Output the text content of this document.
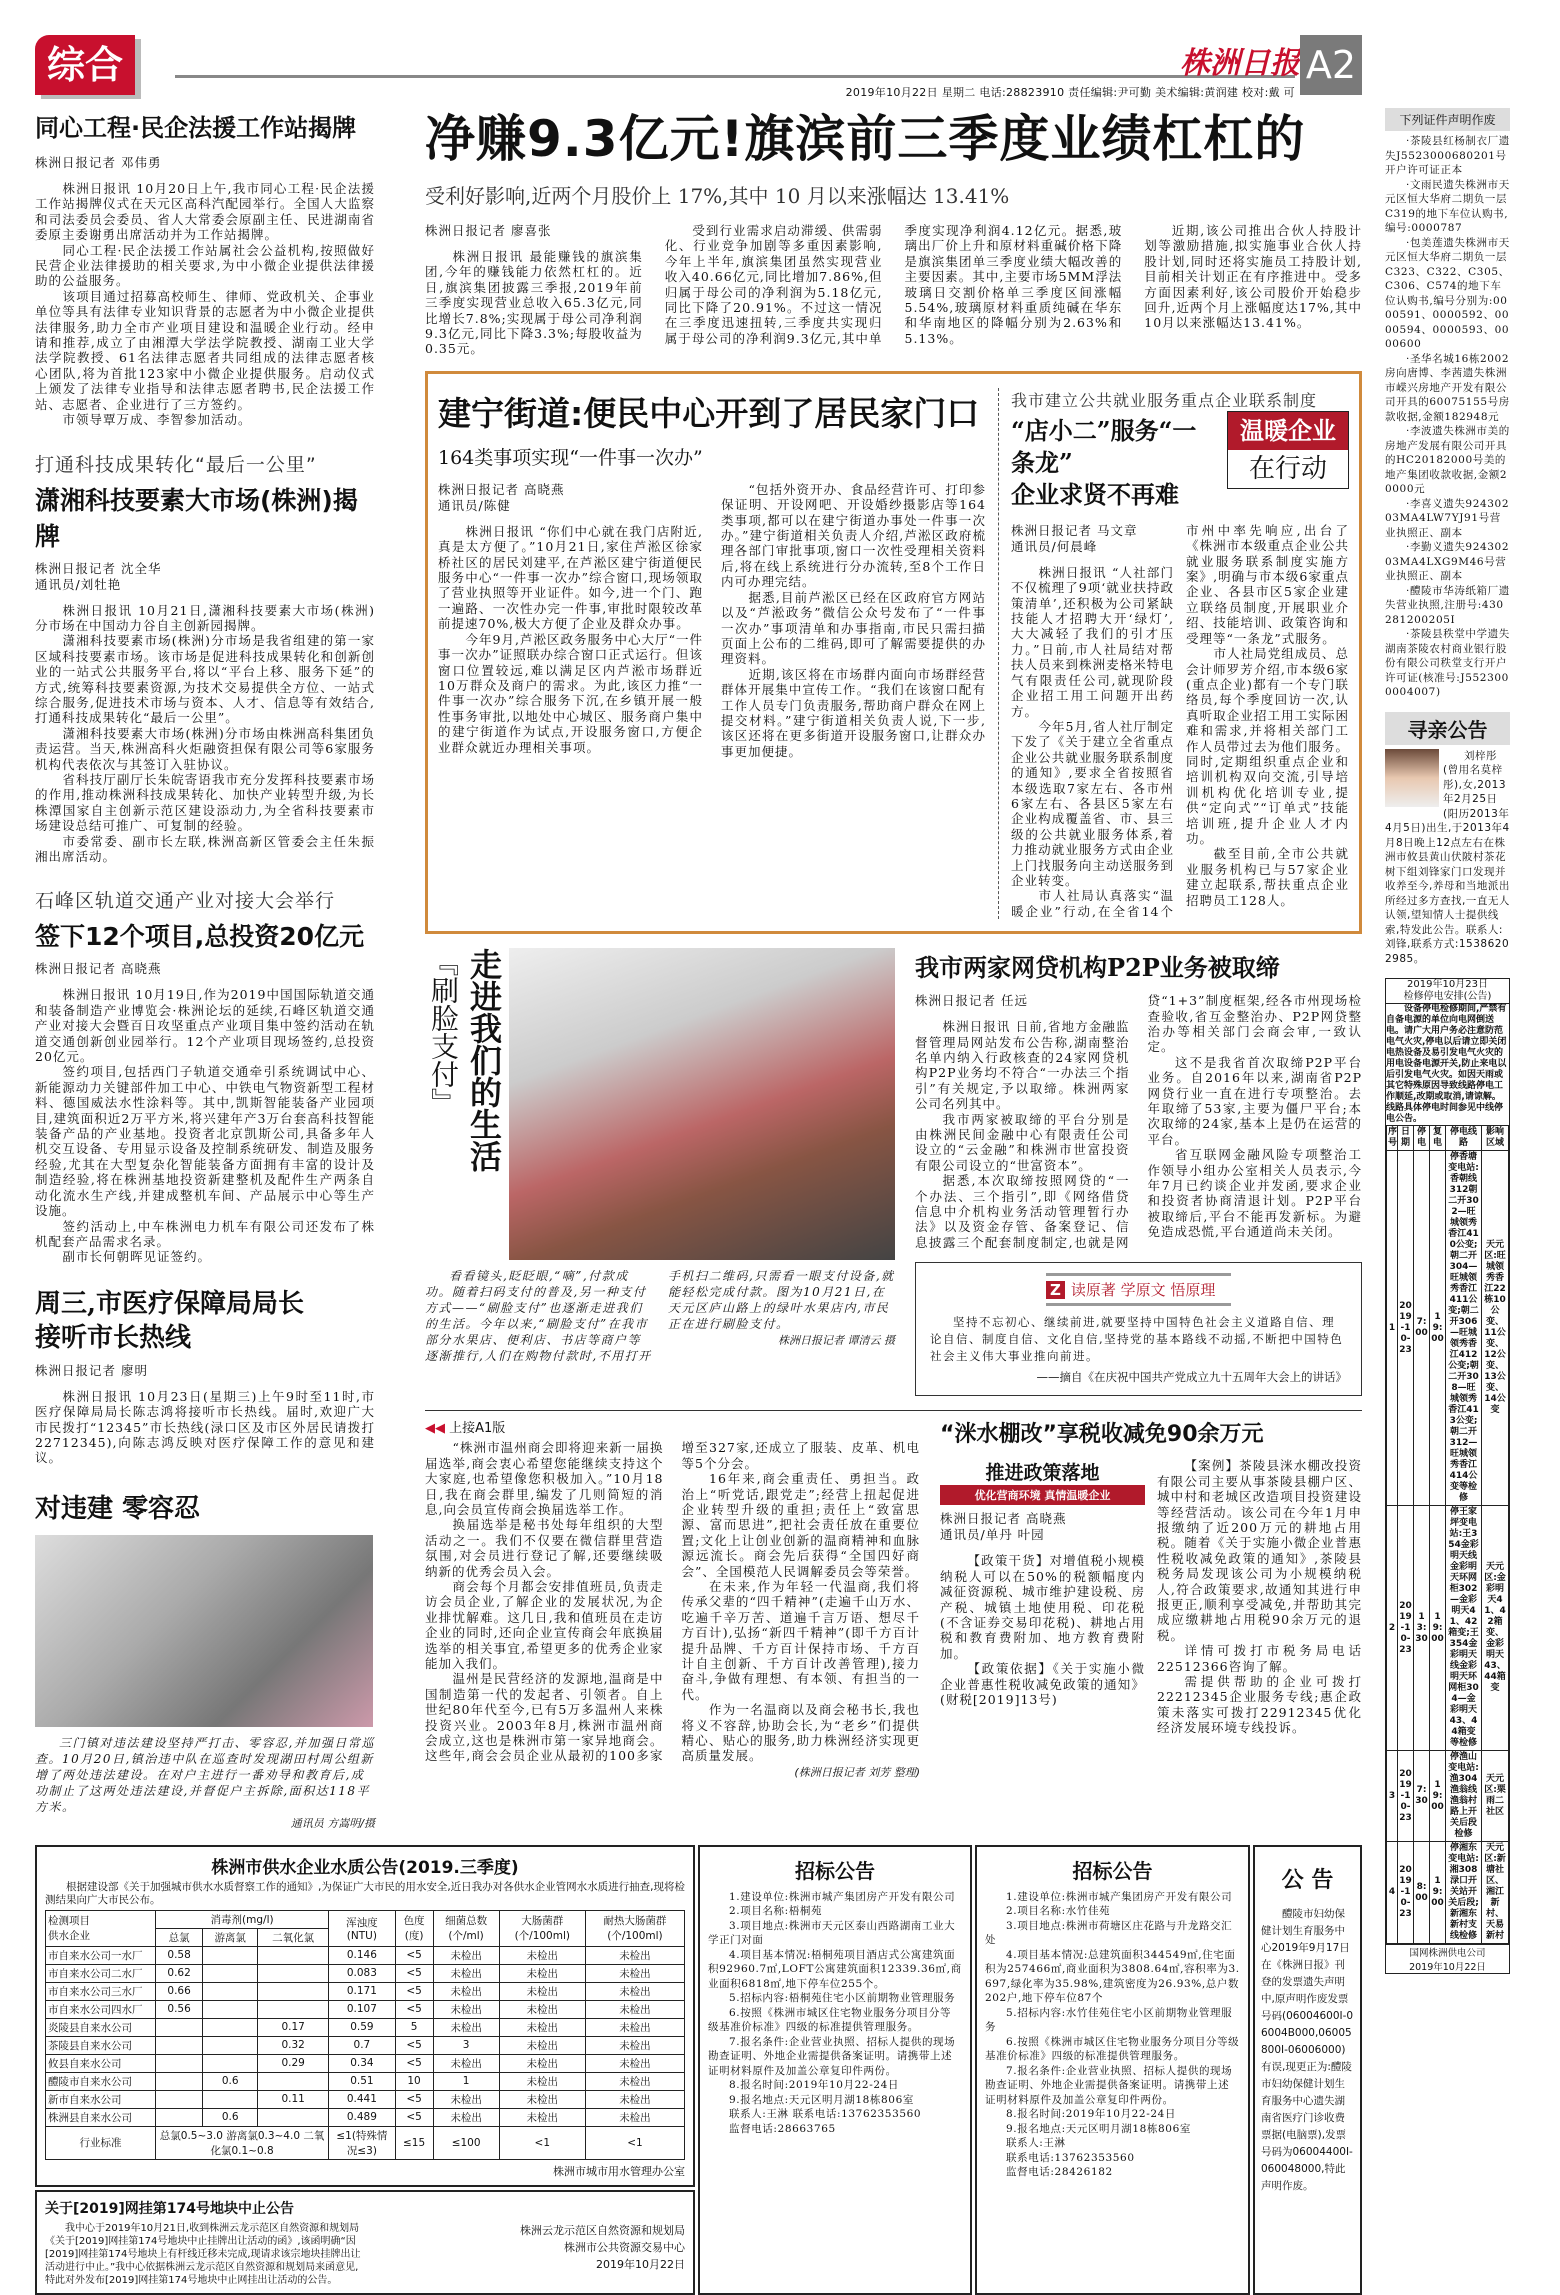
综合	株洲日报 A2
2019年10月22日 星期二 电话:28823910 责任编辑:尹可勤 美术编辑:黄润建 校对:戴 可
同心工程·民企法援工作站揭牌
株洲日报记者 邓伟勇

株洲日报讯 10月20日上午,我市同心工程·民企法援工作站揭牌仪式在天元区高科汽配园举行。全国人大监察和司法委员会委员、省人大常委会原副主任、民进湖南省委原主委谢勇出席活动并为工作站揭牌。

同心工程·民企法援工作站属社会公益机构,按照做好民营企业法律援助的相关要求,为中小微企业提供法律援助的公益服务。

该项目通过招募高校师生、律师、党政机关、企事业单位等具有法律专业知识背景的志愿者为中小微企业提供法律服务,助力全市产业项目建设和温暖企业行动。经申请和推荐,成立了由湘潭大学法学院教授、湖南工业大学法学院教授、61名法律志愿者共同组成的法律志愿者核心团队,将为首批123家中小微企业提供服务。启动仪式上颁发了法律专业指导和法律志愿者聘书,民企法援工作站、志愿者、企业进行了三方签约。

市领导覃万成、李智参加活动。

打通科技成果转化“最后一公里”
潇湘科技要素大市场(株洲)揭牌
株洲日报记者 沈全华
通讯员/刘牡艳

株洲日报讯 10月21日,潇湘科技要素大市场(株洲)分市场在中国动力谷自主创新园揭牌。

潇湘科技要素市场(株洲)分市场是我省组建的第一家区域科技要素市场。该市场是促进科技成果转化和创新创业的一站式公共服务平台,将以“平台上移、服务下延”的方式,统筹科技要素资源,为技术交易提供全方位、一站式综合服务,促进技术市场与资本、人才、信息等有效结合,打通科技成果转化“最后一公里”。

潇湘科技要素大市场(株洲)分市场由株洲高科集团负责运营。当天,株洲高科火炬融资担保有限公司等6家服务机构代表依次与其签订入驻协议。

省科技厅副厅长朱皖寄语我市充分发挥科技要素市场的作用,推动株洲科技成果转化、加快产业转型升级,为长株潭国家自主创新示范区建设添动力,为全省科技要素市场建设总结可推广、可复制的经验。

市委常委、副市长左联,株洲高新区管委会主任朱振湘出席活动。

石峰区轨道交通产业对接大会举行
签下12个项目,总投资20亿元
株洲日报记者 高晓燕

株洲日报讯 10月19日,作为2019中国国际轨道交通和装备制造产业博览会·株洲论坛的延续,石峰区轨道交通产业对接大会暨百日攻坚重点产业项目集中签约活动在轨道交通创新创业园举行。12个产业项目现场签约,总投资20亿元。

签约项目,包括西门子轨道交通牵引系统调试中心、新能源动力关键部件加工中心、中铁电气物资新型工程材料、德国威法水性涂料等。其中,凯斯智能装备产业园项目,建筑面积近2万平方米,将兴建年产3万台套高科技智能装备产品的产业基地。投资者北京凯斯公司,具备多年人机交互设备、专用显示设备及控制系统研发、制造及服务经验,尤其在大型复杂化智能装备方面拥有丰富的设计及制造经验,将在株洲基地投资新建整机及配件生产两条自动化流水生产线,并建成整机车间、产品展示中心等生产设施。

签约活动上,中车株洲电力机车有限公司还发布了株机配套产品需求名录。

副市长何朝晖见证签约。

周三,市医疗保障局局长
接听市长热线
株洲日报记者 廖明

株洲日报讯 10月23日(星期三)上午9时至11时,市医疗保障局局长陈志鸿将接听市长热线。届时,欢迎广大市民拨打“12345”市长热线(渌口区及市区外居民请拨打22712345),向陈志鸿反映对医疗保障工作的意见和建议。

对违建 零容忍

三门镇对违法建设坚持严打击、零容忍,并加强日常巡查。10月20日,镇治违中队在巡查时发现湖田村周公组新增了两处违法建设。在对户主进行一番劝导和教育后,成功制止了这两处违法建设,并督促户主拆除,面积达118平方米。

通讯员 方嵩明/摄
净赚9.3亿元!旗滨前三季度业绩杠杠的
受利好影响,近两个月股价上 17%,其中 10 月以来涨幅达 13.41%
株洲日报记者 廖喜张

株洲日报讯 最能赚钱的旗滨集团,今年的赚钱能力依然杠杠的。近日,旗滨集团披露三季报,2019年前三季度实现营业总收入65.3亿元,同比增长7.8%;实现属于母公司净利润9.3亿元,同比下降3.3%;每股收益为0.35元。

受到行业需求启动滞缓、供需弱化、行业竞争加剧等多重因素影响,今年上半年,旗滨集团虽然实现营业收入40.66亿元,同比增加7.86%,但归属于母公司的净利润为5.18亿元,同比下降了20.91%。不过这一情况在三季度迅速扭转,三季度共实现归属于母公司的净利润9.3亿元,其中单季度实现净利润4.12亿元。据悉,玻璃出厂价上升和原材料重碱价格下降是旗滨集团单三季度业绩大幅改善的主要因素。其中,主要市场5MM浮法玻璃日交割价格单三季度区间涨幅5.54%,玻璃原材料重质纯碱在华东和华南地区的降幅分别为2.63%和5.13%。

近期,该公司推出合伙人持股计划等激励措施,拟实施事业合伙人持股计划,同时还将实施员工持股计划,目前相关计划正在有序推进中。受多方面因素利好,该公司股价开始稳步回升,近两个月上涨幅度达17%,其中10月以来涨幅达13.41%。

建宁街道:便民中心开到了居民家门口
164类事项实现“一件事一次办”
株洲日报记者 高晓燕
通讯员/陈健

株洲日报讯 “你们中心就在我门店附近,真是太方便了。”10月21日,家住芦淞区徐家桥社区的居民刘建平,在芦淞区建宁街道便民服务中心“一件事一次办”综合窗口,现场领取了营业执照等开业证件。如今,进一个门、跑一遍路、一次性办完一件事,审批时限较改革前提速70%,极大方便了企业及群众办事。

今年9月,芦淞区政务服务中心大厅“一件事一次办”证照联办综合窗口正式运行。但该窗口位置较远,难以满足区内芦淞市场群近10万群众及商户的需求。为此,该区力推“一件事一次办”综合服务下沉,在乡镇开展一般性事务审批,以地处中心城区、服务商户集中的建宁街道作为试点,开设服务窗口,方便企业群众就近办理相关事项。

“包括外资开办、食品经营许可、打印参保证明、开设网吧、开设婚纱摄影店等164类事项,都可以在建宁街道办事处一件事一次办。”建宁街道相关负责人介绍,芦淞区政府梳理各部门审批事项,窗口一次性受理相关资料后,将在线上系统进行分办流转,至8个工作日内可办理完结。

据悉,目前芦淞区已经在区政府官方网站以及“芦淞政务”微信公众号发布了“一件事一次办”事项清单和办事指南,市民只需扫描页面上公布的二维码,即可了解需要提供的办理资料。

近期,该区将在市场群内面向市场群经营群体开展集中宣传工作。“我们在该窗口配有工作人员专门负责服务,帮助商户群众在网上提交材料。”建宁街道相关负责人说,下一步,该区还将在更多街道开设服务窗口,让群众办事更加便捷。

我市建立公共就业服务重点企业联系制度
温暖企业
在行动
“店小二”服务“一条龙”
企业求贤不再难
株洲日报记者 马文章
通讯员/何晨峰

株洲日报讯 “人社部门不仅梳理了9项‘就业扶持政策清单’,还积极为公司紧缺技能人才招聘大开‘绿灯’,大大减轻了我们的引才压力。”日前,市人社局结对帮扶人员来到株洲麦格米特电气有限责任公司,就现阶段企业招工用工问题开出药方。

今年5月,省人社厅制定下发了《关于建立全省重点企业公共就业服务联系制度的通知》,要求全省按照省本级选取7家左右、各市州6家左右、各县区5家左右企业构成覆盖省、市、县三级的公共就业服务体系,着力推动就业服务方式由企业上门找服务向主动送服务到企业转变。

市人社局认真落实“温暖企业”行动,在全省14个市州中率先响应,出台了《株洲市本级重点企业公共就业服务联系制度实施方案》,明确与市本级6家重点企业、各县市区5家企业建立联络员制度,开展职业介绍、技能培训、政策咨询和受理等“一条龙”式服务。

市人社局党组成员、总会计师罗芳介绍,市本级6家(重点企业)都有一个专门联络员,每个季度回访一次,认真听取企业招工用工实际困难和需求,并将相关部门工作人员带过去为他们服务。同时,定期组织重点企业和培训机构双向交流,引导培训机构优化培训专业,提供“定向式”“订单式”技能培训班,提升企业人才内功。

截至目前,全市公共就业服务机构已与57家企业建立起联系,帮扶重点企业招聘员工128人。

『刷脸支付』 走进我们的生活

看看镜头,眨眨眼,“嘀”,付款成功。随着扫码支付的普及,另一种支付方式——“刷脸支付”也逐渐走进我们的生活。今年以来,“刷脸支付”在我市部分水果店、便利店、书店等商户等逐渐推行,人们在购物付款时,不用打开手机扫二维码,只需看一眼支付设备,就能轻松完成付款。图为10月21日,在天元区庐山路上的绿叶水果店内,市民正在进行刷脸支付。

株洲日报记者 谭清云 摄
我市两家网贷机构P2P业务被取缔
株洲日报记者 任远

株洲日报讯 日前,省地方金融监督管理局网站发布公告称,湖南整治名单内纳入行政核查的24家网贷机构P2P业务均不符合“一办法三个指引”有关规定,予以取缔。株洲两家公司名列其中。

我市两家被取缔的平台分别是由株洲民间金融中心有限责任公司设立的“云金融”和株洲市世富投资有限公司设立的“世富资本”。

据悉,本次取缔按照网贷的“一个办法、三个指引”,即《网络借贷信息中介机构业务活动管理暂行办法》以及资金存管、备案登记、信息披露三个配套制度制定,也就是网贷“1+3”制度框架,经各市州现场检查验收,省互金整治办、P2P网贷整治办等相关部门会商会审,一致认定。

这不是我省首次取缔P2P平台业务。自2016年以来,湖南省P2P网贷行业一直在进行专项整治。去年取缔了53家,主要为僵尸平台;本次取缔的24家,基本上是仍在运营的平台。

省互联网金融风险专项整治工作领导小组办公室相关人员表示,今年7月已约谈企业并发函,要求企业和投资者协商清退计划。P2P平台被取缔后,平台不能再发新标。为避免造成恐慌,平台通道尚未关闭。

Z 读原著 学原文 悟原理

坚持不忘初心、继续前进,就要坚持中国特色社会主义道路自信、理论自信、制度自信、文化自信,坚持党的基本路线不动摇,不断把中国特色社会主义伟大事业推向前进。

——摘自《在庆祝中国共产党成立九十五周年大会上的讲话》
◀◀ 上接A1版

“株洲市温州商会即将迎来新一届换届选举,商会衷心希望您能继续支持这个大家庭,也希望像您积极加入。”10月18日,我在商会群里,编发了几则简短的消息,向会员宣传商会换届选举工作。

换届选举是秘书处每年组织的大型活动之一。我们不仅要在微信群里营造氛围,对会员进行登记了解,还要继续吸纳新的优秀会员入会。

商会每个月都会安排值班员,负责走访会员企业,了解企业的发展状况,为企业排忧解难。这几日,我和值班员在走访企业的同时,还向企业宣传商会年底换届选举的相关事宜,希望更多的优秀企业家能加入我们。

温州是民营经济的发源地,温商是中国制造第一代的发起者、引领者。自上世纪80年代至今,已有5万多温州人来株投资兴业。2003年8月,株洲市温州商会成立,这也是株洲市第一家异地商会。这些年,商会会员企业从最初的100多家增至327家,还成立了服装、皮革、机电等5个分会。

16年来,商会重责任、勇担当。政治上“听党话,跟党走”;经营上扭起促进企业转型升级的重担;责任上“致富思源、富而思进”,把社会责任放在重要位置;文化上让创业创新的温商精神和血脉源远流长。商会先后获得“全国四好商会”、全国模范人民调解委员会等荣誉。

在未来,作为年轻一代温商,我们将传承父辈的“四千精神”(走遍千山万水、吃遍千辛万苦、道遍千言万语、想尽千方百计),弘扬“新四千精神”(即千方百计提升品牌、千方百计保持市场、千方百计自主创新、千方百计改善管理),接力奋斗,争做有理想、有本领、有担当的一代。

作为一名温商以及商会秘书长,我也将义不容辞,协助会长,为“老乡”们提供精心、贴心的服务,助力株洲经济实现更高质量发展。

(株洲日报记者 刘芳 整理)
“洣水棚改”享税收减免90余万元
推进政策落地
优化营商环境 真情温暖企业
株洲日报记者 高晓燕
通讯员/单丹 叶园

【政策干货】对增值税小规模纳税人可以在50%的税额幅度内减征资源税、城市维护建设税、房产税、城镇土地使用税、印花税(不含证券交易印花税)、耕地占用税和教育费附加、地方教育费附加。

【政策依据】《关于实施小微企业普惠性税收减免政策的通知》(财税[2019]13号)

【案例】茶陵县洣水棚改投资有限公司主要从事茶陵县棚户区、城中村和老城区改造项目投资建设等经营活动。该公司在今年1月申报缴纳了近200万元的耕地占用税。随着《关于实施小微企业普惠性税收减免政策的通知》,茶陵县税务局发现该公司为小规模纳税人,符合政策要求,故通知其进行申报更正,顺利享受减免,并帮助其完成应缴耕地占用税90余万元的退税。

详情可拨打市税务局电话22512366咨询了解。

需提供帮助的企业可拨打22212345企业服务专线;惠企政策未落实可拨打22912345优化经济发展环境专线投诉。

株洲市供水企业水质公告(2019.三季度)

根据建设部《关于加强城市供水水质督察工作的通知》,为保证广大市民的用水安全,近日我办对各供水企业管网水水质进行抽查,现将检测结果向广大市民公布。

检测项目
供水企业	消毒剂(mg/l)			浑浊度(NTU)	色度(度)	细菌总数(个/ml)	大肠菌群(个/100ml)	耐热大肠菌群(个/100ml)
	总氯	游离氯	二氧化氯					
市自来水公司一水厂	0.58			0.146	<5	未检出	未检出	未检出
市自来水公司二水厂	0.62			0.083	<5	未检出	未检出	未检出
市自来水公司三水厂	0.66			0.171	<5	未检出	未检出	未检出
市自来水公司四水厂	0.56			0.107	<5	未检出	未检出	未检出
炎陵县自来水公司			0.17	0.59	5	未检出	未检出	未检出
茶陵县自来水公司			0.32	0.7	<5	3	未检出	未检出
攸县自来水公司			0.29	0.34	<5	未检出	未检出	未检出
醴陵市自来水公司		0.6		0.51	10	1	未检出	未检出
新市自来水公司			0.11	0.441	<5	未检出	未检出	未检出
株洲县自来水公司		0.6		0.489	<5	未检出	未检出	未检出
行业标准	总氯0.5~3.0 游离氯0.3~4.0 二氧化氯0.1~0.8			≤1(特殊情况≤3)	≤15	≤100	<1	<1
株洲市城市用水管理办公室
关于[2019]网挂第174号地块中止公告

我中心于2019年10月21日,收到株洲云龙示范区自然资源和规划局《关于[2019]网挂第174号地块中止挂牌出让活动的函》,该函明确“因[2019]网挂第174号地块上有杆线迁移未完成,现请求该宗地块挂牌出让活动进行中止。”我中心依据株洲云龙示范区自然资源和规划局来函意见,特此对外发布[2019]网挂第174号地块中止网挂出让活动的公告。

株洲云龙示范区自然资源和规划局
株洲市公共资源交易中心
2019年10月22日
招标公告

1.建设单位:株洲市城产集团房产开发有限公司

2.项目名称:梧桐苑

3.项目地点:株洲市天元区泰山西路湖南工业大学正门对面

4.项目基本情况:梧桐苑项目酒店式公寓建筑面积92960.7㎡,LOFT公寓建筑面积12339.36㎡,商业面积6818㎡,地下停车位255个。

5.招标内容:梧桐苑住宅小区前期物业管理服务

6.按照《株洲市城区住宅物业服务分项目分等级基准价标准》四级的标准提供管理服务。

7.报名条件:企业营业执照、招标人提供的现场勘查证明、外地企业需提供备案证明。请携带上述证明材料原件及加盖公章复印件两份。

8.报名时间:2019年10月22-24日

9.报名地点:天元区明月湖18栋806室

联系人:王淋 联系电话:13762353560

监督电话:28663765

招标公告

1.建设单位:株洲市城产集团房产开发有限公司

2.项目名称:水竹佳苑

3.项目地点:株洲市荷塘区庄花路与升龙路交汇处

4.项目基本情况:总建筑面积344549㎡,住宅面积为257466㎡,商业面积为3808.64㎡,容积率为3.697,绿化率为35.98%,建筑密度为26.93%,总户数202户,地下停车位87个

5.招标内容:水竹佳苑住宅小区前期物业管理服务

6.按照《株洲市城区住宅物业服务分项目分等级基准价标准》四级的标准提供管理服务。

7.报名条件:企业营业执照、招标人提供的现场勘查证明、外地企业需提供备案证明。请携带上述证明材料原件及加盖公章复印件两份。

8.报名时间:2019年10月22-24日

9.报名地点:天元区明月湖18栋806室

联系人:王淋

联系电话:13762353560

监督电话:28426182

公 告

醴陵市妇幼保健计划生育服务中心2019年9月17日在《株洲日报》刊登的发票遗失声明中,原声明作废发票号码(06004600I-06004B000,06005800I-06006000)有误,现更正为:醴陵市妇幼保健计划生育服务中心遗失湖南省医疗门诊收费票据(电脑票),发票号码为06004400I-060048000,特此声明作废。

下列证件声明作废

·茶陵县红杨制衣厂遗失J5523000680201号开户许可证正本

·文雨民遗失株洲市天元区恒大华府二期负一层C319的地下车位认购书,编号:0000787

·包美莲遗失株洲市天元区恒大华府二期负一层C323、C322、C305、C306、C574的地下车位认购书,编号分别为:0000591、0000592、0000594、0000593、0000600

·圣华名城16栋2002房向唐博、李茜遗失株洲市嵘兴房地产开发有限公司开具的60075155号房款收据,金额182948元

·李波遗失株洲市美的房地产发展有限公司开具的HC20182000号美的地产集团收款收据,金额20000元

·李喜义遗失92430203MA4LW7YJ91号营业执照正、副本

·李勤义遗失92430203MA4LXG9M46号营业执照正、副本

·醴陵市华涛纸箱厂遗失营业执照,注册号:430281200205I

·茶陵县秩堂中学遗失湖南茶陵农村商业银行股份有限公司秩堂支行开户许可证(核准号:J5523000004007)

寻亲公告

刘梓彤(曾用名莫梓彤),女,2013年2月25日(阳历2013年4月5日)出生,于2013年4月8日晚上12点左右在株洲市攸县黄山伏陂村茶花树下组刘锋家门口发现并收养至今,养母和当地派出所经过多方查找,一直无人认领,望知情人士提供线索,特发此公告。联系人:刘锋,联系方式:15386202985。

2019年10月23日
检修停电安排(公告)

设备停电检修期间,严禁有自备电源的单位向电网倒送电。请广大用户务必注意防范电气火灾,停电以后请立即关闭电热设备及易引发电气火灾的用电设备电源开关,防止来电以后引发电气火灾。如因天雨或其它特殊原因导致线路停电工作顺延,改期或取消,请谅解。线路具体停电时间参见中线停电公告。

序号	日期	停电	复电	停电线路	影响区域
1	2019-10-23	7:00	19:00	停香塘变电站:香朝线312朝二开302—旺城领秀香江410公变;朝二开304—旺城领秀香江411公变;朝二开306—旺城领秀香江412公变;朝二开308—旺城领秀香江413公变;朝二开312—旺城领秀香江414公变等检修	天元区:旺城领秀香江22栋10公变、11公变、12公变、13公变、14公变
2	2019-10-23	13:30	19:00	停王家坪变电站:王354金彩明天线金彩明天环网柜302—金彩明天41、42箱变;王354金彩明天线金彩明天环网柜304—金彩明天43、44箱变等检修	天元区:金彩明天41、42箱变、金彩明天43、44箱变
3	2019-10-23	7:30	19:00	停渔山变电站:渔304渔翁线渔翁村路上开关后段检修	天元区:栗雨二社区
4	2019-10-23	8:00	19:00	停湘东变电站:湘308渌口开关站开关后段;新湘东新村支线检修	天元区:新塘社区、湘江新村、天易新村
国网株洲供电公司
2019年10月22日
